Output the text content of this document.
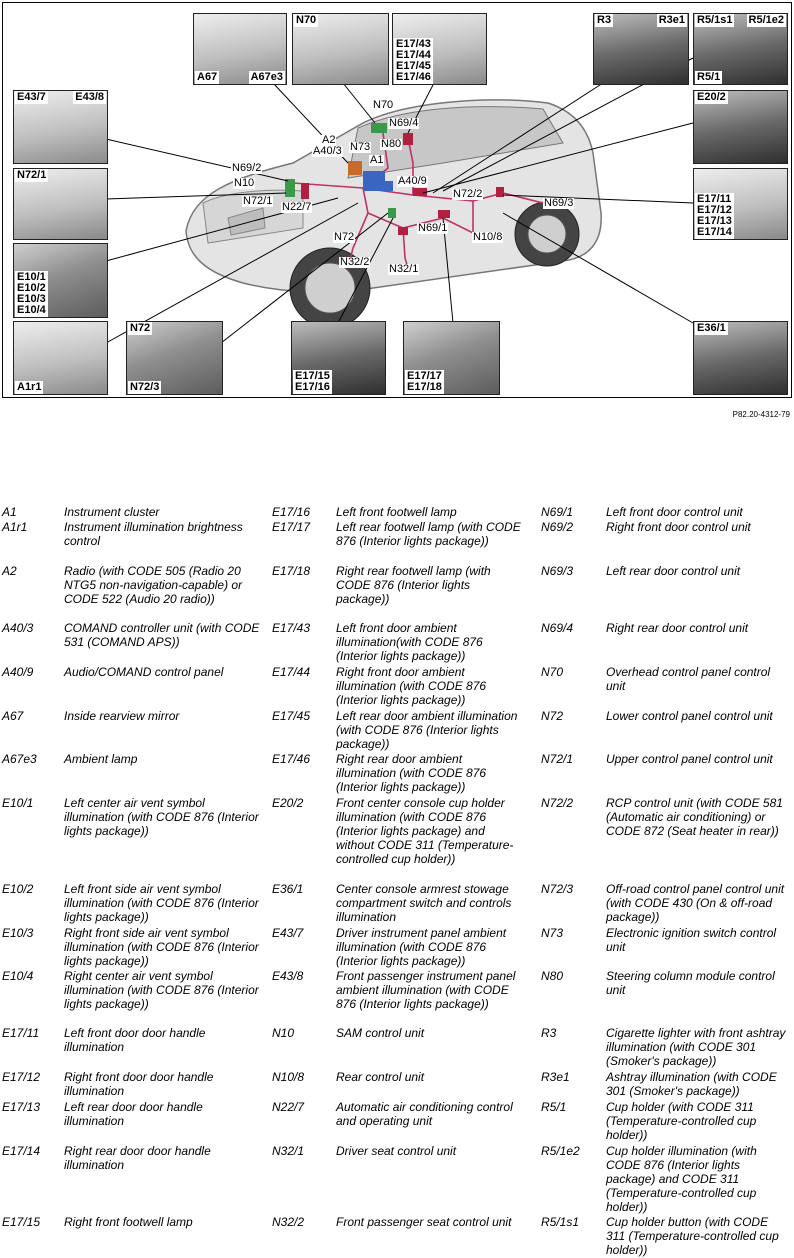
A67	A67e3
N70
E17/43
E17/44
E17/45
E17/46
R3	R3e1 R5/1s1 R5/1e2
R5/1
E43/7	E43/8	E20/2
N72/1
E17/11
E17/12
E17/13
E17/14
E10/1
E10/2
E10/3
E10/4
A1r1
N72
N72/3
E17/15
E17/16
E17/17
E17/18
E36/1
N70
N69/4
A2
A40/3 N73 N80
A1
N69/2
N10
N72/1 N22/7
A40/9
N72/2
N69/3
N72
N69/1
N10/8
N32/2
N32/1
P82.20-4312-79
A1	Instrument cluster
A1r1	Instrument illumination brightness control
A2	Radio (with CODE 505 (Radio 20 NTG5 non-navigation-capable) or CODE 522 (Audio 20 radio))
A40/3	COMAND controller unit (with CODE 531 (COMAND APS))
A40/9	Audio/COMAND control panel
A67	Inside rearview mirror
A67e3 Ambient lamp
E10/1	Left center air vent symbol illumination (with CODE 876 (Interior lights package))
E10/2	Left front side air vent symbol illumination (with CODE 876 (Interior lights package))
E10/3	Right front side air vent symbol illumination (with CODE 876 (Interior lights package))
E10/4	Right center air vent symbol illumination (with CODE 876 (Interior lights package))
E17/11 Left front door door handle illumination
E17/12 Right front door door handle illumination
E17/13 Left rear door door handle illumination
E17/14 Right rear door door handle illumination
E17/15 Right front footwell lamp
E17/16 Left front footwell lamp
E17/17 Left rear footwell lamp (with CODE 876 (Interior lights package))
E17/18 Right rear footwell lamp (with CODE 876 (Interior lights package))
E17/43 Left front door ambient illumination(with CODE 876 (Interior lights package))
E17/44 Right front door ambient illumination (with CODE 876 (Interior lights package))
E17/45 Left rear door ambient illumination (with CODE 876 (Interior lights package))
E17/46 Right rear door ambient illumination (with CODE 876 (Interior lights package))
E20/2	Front center console cup holder illumination (with CODE 876 (Interior lights package) and without CODE 311 (Temperature-controlled cup holder))
E36/1	Center console armrest stowage compartment switch and controls illumination
E43/7	Driver instrument panel ambient illumination (with CODE 876 (Interior lights package))
E43/8	Front passenger instrument panel ambient illumination (with CODE 876 (Interior lights package))
N10	SAM control unit
N10/8	Rear control unit
N22/7	Automatic air conditioning control and operating unit
N32/1	Driver seat control unit
N32/2	Front passenger seat control unit
N69/1	Left front door control unit
N69/2	Right front door control unit
N69/3	Left rear door control unit
N69/4	Right rear door control unit
N70	Overhead control panel control unit
N72	Lower control panel control unit
N72/1	Upper control panel control unit
N72/2	RCP control unit (with CODE 581 (Automatic air conditioning) or CODE 872 (Seat heater in rear))
N72/3	Off-road control panel control unit (with CODE 430 (On & off-road package))
N73	Electronic ignition switch control unit
N80	Steering column module control unit
R3	Cigarette lighter with front ashtray illumination (with CODE 301 (Smoker's package))
R3e1	Ashtray illumination (with CODE 301 (Smoker's package))
R5/1	Cup holder (with CODE 311 (Temperature-controlled cup holder))
R5/1e2 Cup holder illumination (with CODE 876 (Interior lights package) and CODE 311 (Temperature-controlled cup holder))
R5/1s1 Cup holder button (with CODE 311 (Temperature-controlled cup holder))
